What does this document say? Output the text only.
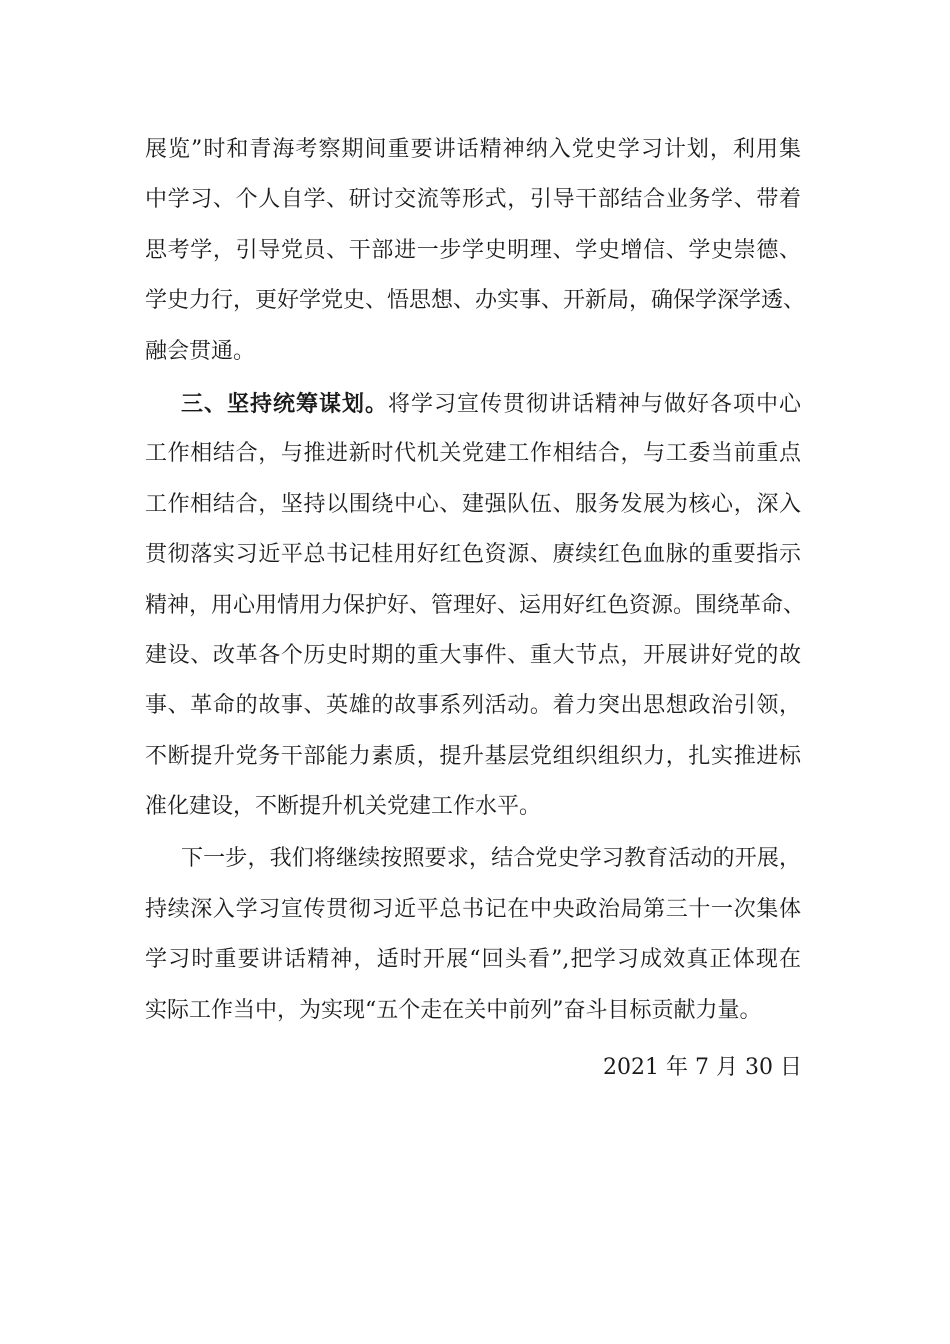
展览”时和青海考察期间重要讲话精神纳入党史学习计划，利用集
中学习、个人自学、研讨交流等形式，引导干部结合业务学、带着
思考学，引导党员、干部进一步学史明理、学史增信、学史崇德、
学史力行，更好学党史、悟思想、办实事、开新局，确保学深学透、
融会贯通。
三、坚持统筹谋划。将学习宣传贯彻讲话精神与做好各项中心
工作相结合，与推进新时代机关党建工作相结合，与工委当前重点
工作相结合，坚持以围绕中心、建强队伍、服务发展为核心，深入
贯彻落实习近平总书记桂用好红色资源、赓续红色血脉的重要指示
精神，用心用情用力保护好、管理好、运用好红色资源。围绕革命、
建设、改革各个历史时期的重大事件、重大节点，开展讲好党的故
事、革命的故事、英雄的故事系列活动。着力突出思想政治引领，
不断提升党务干部能力素质，提升基层党组织组织力，扎实推进标
准化建设，不断提升机关党建工作水平。
下一步，我们将继续按照要求，结合党史学习教育活动的开展，
持续深入学习宣传贯彻习近平总书记在中央政治局第三十一次集体
学习时重要讲话精神，适时开展“回头看”,把学习成效真正体现在
实际工作当中，为实现“五个走在关中前列”奋斗目标贡献力量。
2021 年 7 月 30 日
